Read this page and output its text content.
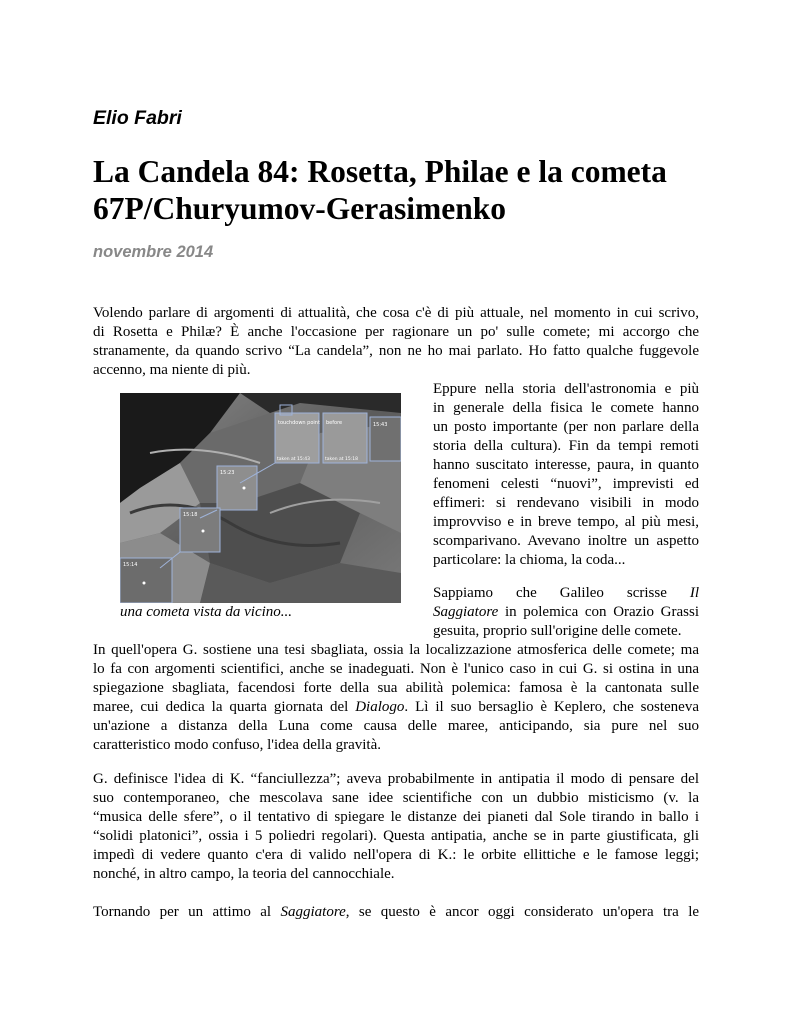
Elio Fabri

La Candela 84: Rosetta, Philae e la cometa 67P/Churyumov-Gerasimenko

novembre 2014

Volendo parlare di argomenti di attualità, che cosa c'è di più attuale, nel momento in cui scrivo,
di Rosetta e Philæ? È anche l'occasione per ragionare un po' sulle comete; mi accorgo che
stranamente, da quando scrivo “La candela”, non ne ho mai parlato. Ho fatto qualche fuggevole
accenno, ma niente di più.
touchdown point before
taken at 15:43	taken at 15:18
15:43
15:23
15:18
15:14

una cometa vista da vicino...

Eppure nella storia dell'astronomia e più
in generale della fisica le comete hanno
un posto importante (per non parlare della
storia della cultura). Fin da tempi remoti
hanno suscitato interesse, paura, in quanto
fenomeni celesti “nuovi”, imprevisti ed
effimeri: si rendevano visibili in modo
improvviso e in breve tempo, al più mesi,
scomparivano. Avevano inoltre un aspetto
particolare: la chioma, la coda...
Sappiamo che Galileo scrisse Il
Saggiatore in polemica con Orazio Grassi
gesuita, proprio sull'origine delle comete.
In quell'opera G. sostiene una tesi sbagliata, ossia la localizzazione atmosferica delle comete; ma
lo fa con argomenti scientifici, anche se inadeguati. Non è l'unico caso in cui G. si ostina in una
spiegazione sbagliata, facendosi forte della sua abilità polemica: famosa è la cantonata sulle
maree, cui dedica la quarta giornata del Dialogo. Lì il suo bersaglio è Keplero, che sosteneva
un'azione a distanza della Luna come causa delle maree, anticipando, sia pure nel suo
caratteristico modo confuso, l'idea della gravità.
G. definisce l'idea di K. “fanciullezza”; aveva probabilmente in antipatia il modo di pensare del
suo contemporaneo, che mescolava sane idee scientifiche con un dubbio misticismo (v. la
“musica delle sfere”, o il tentativo di spiegare le distanze dei pianeti dal Sole tirando in ballo i
“solidi platonici”, ossia i 5 poliedri regolari). Questa antipatia, anche se in parte giustificata, gli
impedì di vedere quanto c'era di valido nell'opera di K.: le orbite ellittiche e le famose leggi;
nonché, in altro campo, la teoria del cannocchiale.
Tornando per un attimo al Saggiatore, se questo è ancor oggi considerato un'opera tra le
